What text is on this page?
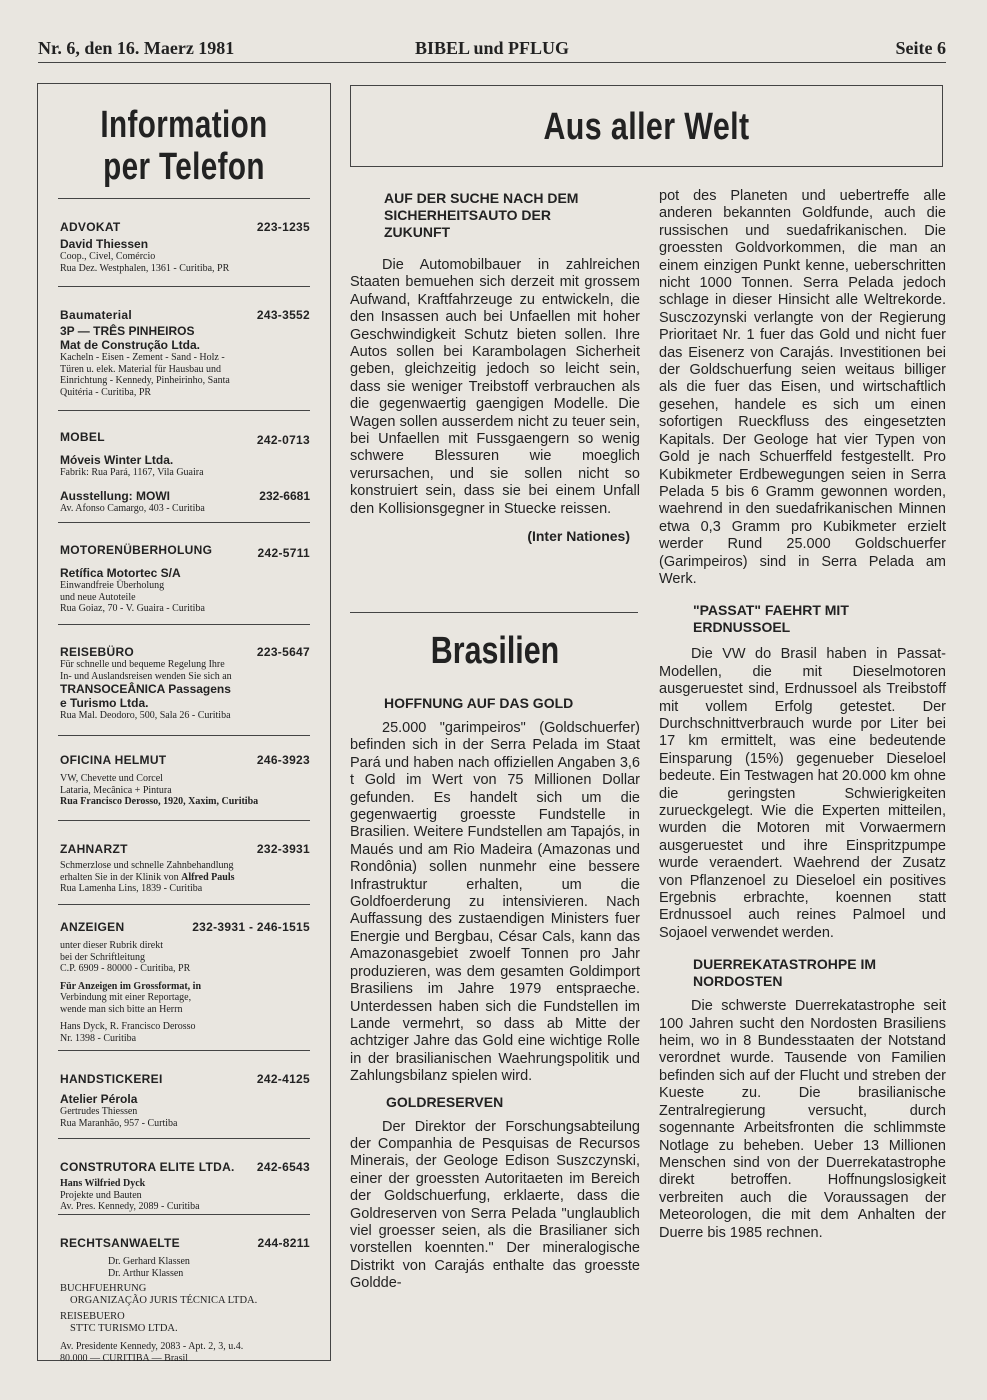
Nr. 6, den 16. Maerz 1981	BIBEL und PFLUG	Seite 6
Information
per Telefon
ADVOKAT	223-1235
David Thiessen
Coop., Civel, Comércio
Rua Dez. Westphalen, 1361 - Curitiba, PR
Baumaterial	243-3552
3P — TRÊS PINHEIROS
Mat de Construção Ltda.
Kacheln - Eisen - Zement - Sand - Holz -
Türen u. elek. Material für Hausbau und
Einrichtung - Kennedy, Pinheirinho, Santa
Quitéria - Curitiba, PR
MOBEL	242-0713
Móveis Winter Ltda.
Fabrik: Rua Pará, 1167, Vila Guaira
Ausstellung: MOWI	232-6681
Av. Afonso Camargo, 403 - Curitiba
MOTORENÜBERHOLUNG	242-5711
Retífica Motortec S/A
Einwandfreie Überholung
und neue Autoteile
Rua Goiaz, 70 - V. Guaira - Curitiba
REISEBÜRO	223-5647
Für schnelle und bequeme Regelung Ihre
In- und Auslandsreisen wenden Sie sich an
TRANSOCEÂNICA Passagens
e Turismo Ltda.
Rua Mal. Deodoro, 500, Sala 26 - Curitiba
OFICINA HELMUT	246-3923
VW, Chevette und Corcel
Lataria, Mecânica + Pintura
Rua Francisco Derosso, 1920, Xaxim, Curitiba
ZAHNARZT	232-3931
Schmerzlose und schnelle Zahnbehandlung
erhalten Sie in der Klinik von Alfred Pauls
Rua Lamenha Lins, 1839 - Curitiba
ANZEIGEN	232-3931 - 246-1515
unter dieser Rubrik direkt
bei der Schriftleitung
C.P. 6909 - 80000 - Curitiba, PR
Für Anzeigen im Grossformat, in
Verbindung mit einer Reportage,
wende man sich bitte an Herrn
Hans Dyck, R. Francisco Derosso
Nr. 1398 - Curitiba
HANDSTICKEREI	242-4125
Atelier Pérola
Gertrudes Thiessen
Rua Maranhão, 957 - Curtiba
CONSTRUTORA ELITE LTDA. 242-6543
Hans Wilfried Dyck
Projekte und Bauten
Av. Pres. Kennedy, 2089 - Curitiba
RECHTSANWAELTE	244-8211
Dr. Gerhard Klassen
Dr. Arthur Klassen
BUCHFUEHRUNG
ORGANIZAÇÃO JURIS TÉCNICA LTDA.
REISEBUERO
STTC TURISMO LTDA.
Av. Presidente Kennedy, 2083 - Apt. 2, 3, u.4.
80.000 — CURITIBA — Brasil
Aus aller Welt
AUF DER SUCHE NACH DEM SICHERHEITSAUTO DER ZUKUNFT

Die Automobilbauer in zahlreichen Staaten bemuehen sich derzeit mit grossem Aufwand, Kraftfahrzeuge zu entwickeln, die den Insassen auch bei Unfaellen mit hoher Geschwindigkeit Schutz bieten sollen. Ihre Autos sollen bei Karambolagen Sicherheit geben, gleichzeitig jedoch so leicht sein, dass sie weniger Treibstoff verbrauchen als die gegenwaertig gaengigen Modelle. Die Wagen sollen ausserdem nicht zu teuer sein, bei Unfaellen mit Fussgaengern so wenig schwere Blessuren wie moeglich verursachen, und sie sollen nicht so konstruiert sein, dass sie bei einem Unfall den Kollisionsgegner in Stuecke reissen.

(Inter Nationes)
Brasilien
HOFFNUNG AUF DAS GOLD

25.000 "garimpeiros" (Goldschuerfer) befinden sich in der Serra Pelada im Staat Pará und haben nach offiziellen Angaben 3,6 t Gold im Wert von 75 Millionen Dollar gefunden. Es handelt sich um die gegenwaertig groesste Fundstelle in Brasilien. Weitere Fundstellen am Tapajós, in Maués und am Rio Madeira (Amazonas und Rondônia) sollen nunmehr eine bessere Infrastruktur erhalten, um die Goldfoerderung zu intensivieren. Nach Auffassung des zustaendigen Ministers fuer Energie und Bergbau, César Cals, kann das Amazonasgebiet zwoelf Tonnen pro Jahr produzieren, was dem gesamten Goldimport Brasiliens im Jahre 1979 entspraeche. Unterdessen haben sich die Fundstellen im Lande vermehrt, so dass ab Mitte der achtziger Jahre das Gold eine wichtige Rolle in der brasilianischen Waehrungspolitik und Zahlungsbilanz spielen wird.

GOLDRESERVEN

Der Direktor der Forschungsabteilung der Companhia de Pesquisas de Recursos Minerais, der Geologe Edison Suszczynski, einer der groessten Autoritaeten im Bereich der Goldschuerfung, erklaerte, dass die Goldreserven von Serra Pelada "unglaublich viel groesser seien, als die Brasilianer sich vorstellen koennten." Der mineralogische Distrikt von Carajás enthalte das groesste Goldde-

pot des Planeten und uebertreffe alle anderen bekannten Goldfunde, auch die russischen und suedafrikanischen. Die groessten Goldvorkommen, die man an einem einzigen Punkt kenne, ueberschritten nicht 1000 Tonnen. Serra Pelada jedoch schlage in dieser Hinsicht alle Weltrekorde. Susczozynski verlangte von der Regierung Prioritaet Nr. 1 fuer das Gold und nicht fuer das Eisenerz von Carajás. Investitionen bei der Goldschuerfung seien weitaus billiger als die fuer das Eisen, und wirtschaftlich gesehen, handele es sich um einen sofortigen Rueckfluss des eingesetzten Kapitals. Der Geologe hat vier Typen von Gold je nach Schuerffeld festgestellt. Pro Kubikmeter Erdbewegungen seien in Serra Pelada 5 bis 6 Gramm gewonnen worden, waehrend in den suedafrikanischen Minnen etwa 0,3 Gramm pro Kubikmeter erzielt werder Rund 25.000 Goldschuerfer (Garimpeiros) sind in Serra Pelada am Werk.

"PASSAT" FAEHRT MIT ERDNUSSOEL

Die VW do Brasil haben in Passat-Modellen, die mit Dieselmotoren ausgeruestet sind, Erdnussoel als Treibstoff mit vollem Erfolg getestet. Der Durchschnittverbrauch wurde por Liter bei 17 km ermittelt, was eine bedeutende Einsparung (15%) gegenueber Dieseloel bedeute. Ein Testwagen hat 20.000 km ohne die geringsten Schwierigkeiten zurueckgelegt. Wie die Experten mitteilen, wurden die Motoren mit Vorwaermern ausgeruestet und ihre Einspritzpumpe wurde veraendert. Waehrend der Zusatz von Pflanzenoel zu Dieseloel ein positives Ergebnis erbrachte, koennen statt Erdnussoel auch reines Palmoel und Sojaoel verwendet werden.

DUERREKATASTROHPE IM NORDOSTEN

Die schwerste Duerrekatastrophe seit 100 Jahren sucht den Nordosten Brasiliens heim, wo in 8 Bundesstaaten der Notstand verordnet wurde. Tausende von Familien befinden sich auf der Flucht und streben der Kueste zu. Die brasilianische Zentralregierung versucht, durch sogennante Arbeitsfronten die schlimmste Notlage zu beheben. Ueber 13 Millionen Menschen sind von der Duerrekatastrophe direkt betroffen. Hoffnungslosigkeit verbreiten auch die Voraussagen der Meteorologen, die mit dem Anhalten der Duerre bis 1985 rechnen.
